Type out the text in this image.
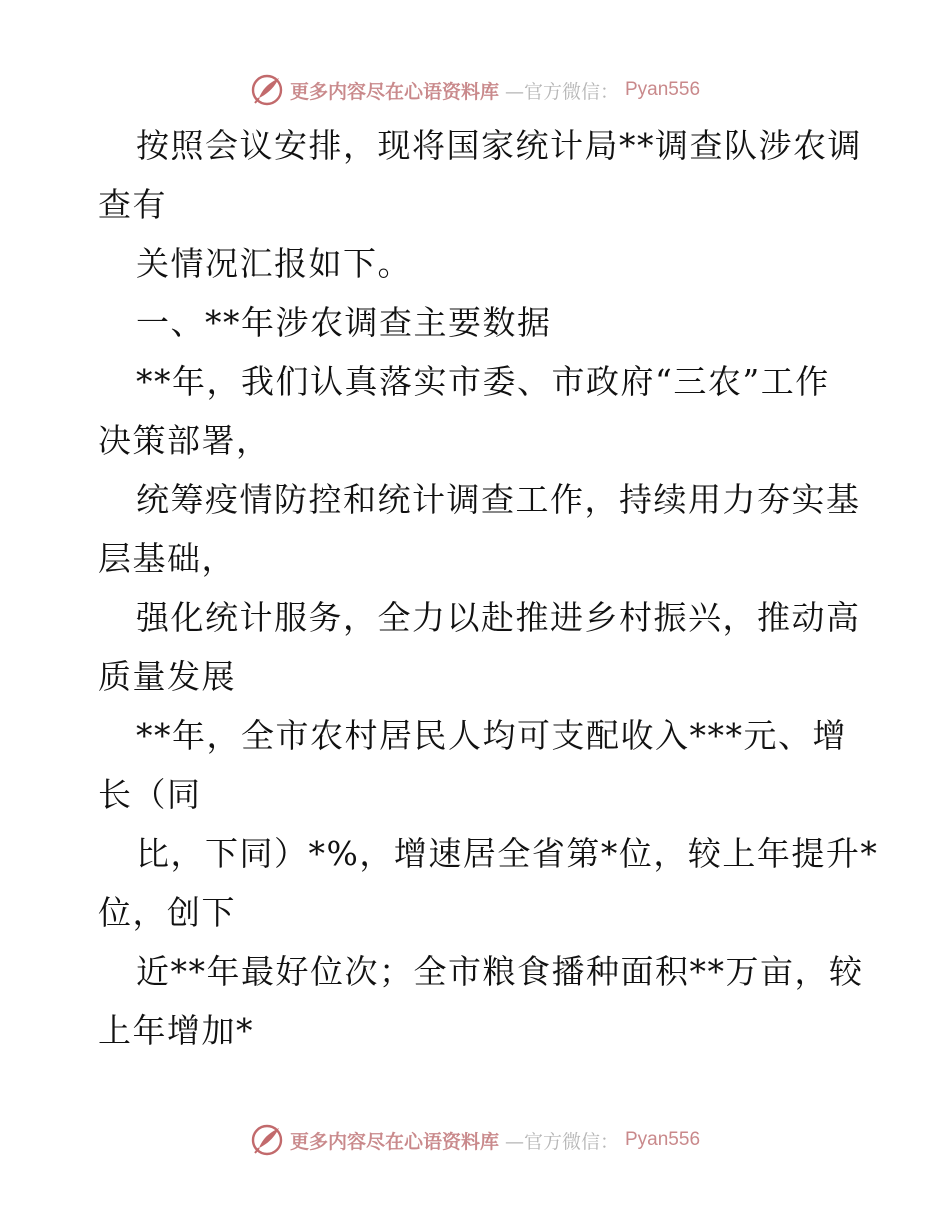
更多内容尽在心语资料库 —官方微信： Pyan556
按照会议安排，现将国家统计局**调查队涉农调
查有
关情况汇报如下。
一、**年涉农调查主要数据
**年，我们认真落实市委、市政府“三农”工作
决策部署，
统筹疫情防控和统计调查工作，持续用力夯实基
层基础，
强化统计服务，全力以赴推进乡村振兴，推动高
质量发展
**年，全市农村居民人均可支配收入***元、增
长（同
比，下同）*%，增速居全省第*位，较上年提升*
位，创下
近**年最好位次；全市粮食播种面积**万亩，较
上年增加*
更多内容尽在心语资料库 —官方微信： Pyan556
